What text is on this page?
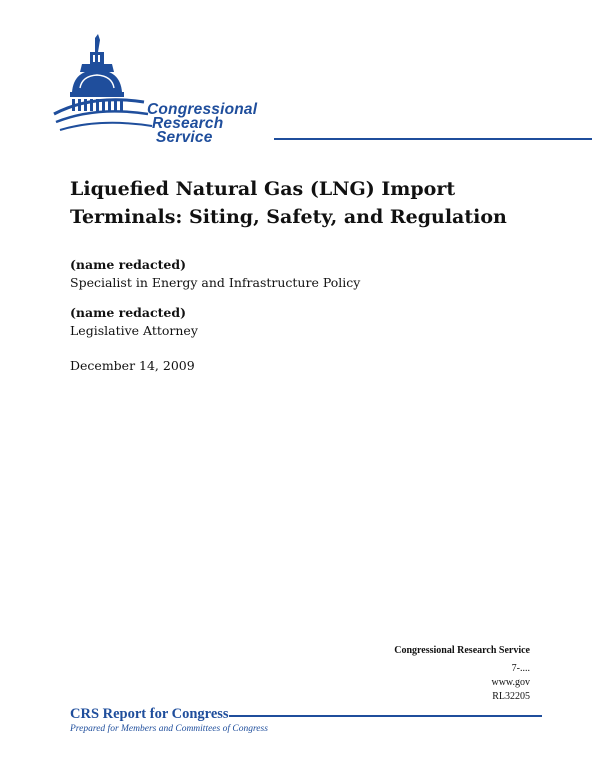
Congressional
Research
Service
Liquefied Natural Gas (LNG) Import Terminals: Siting, Safety, and Regulation
(name redacted)
Specialist in Energy and Infrastructure Policy
(name redacted)
Legislative Attorney
December 14, 2009
Congressional Research Service
7-....
www.gov
RL32205
CRS Report for Congress
Prepared for Members and Committees of Congress
